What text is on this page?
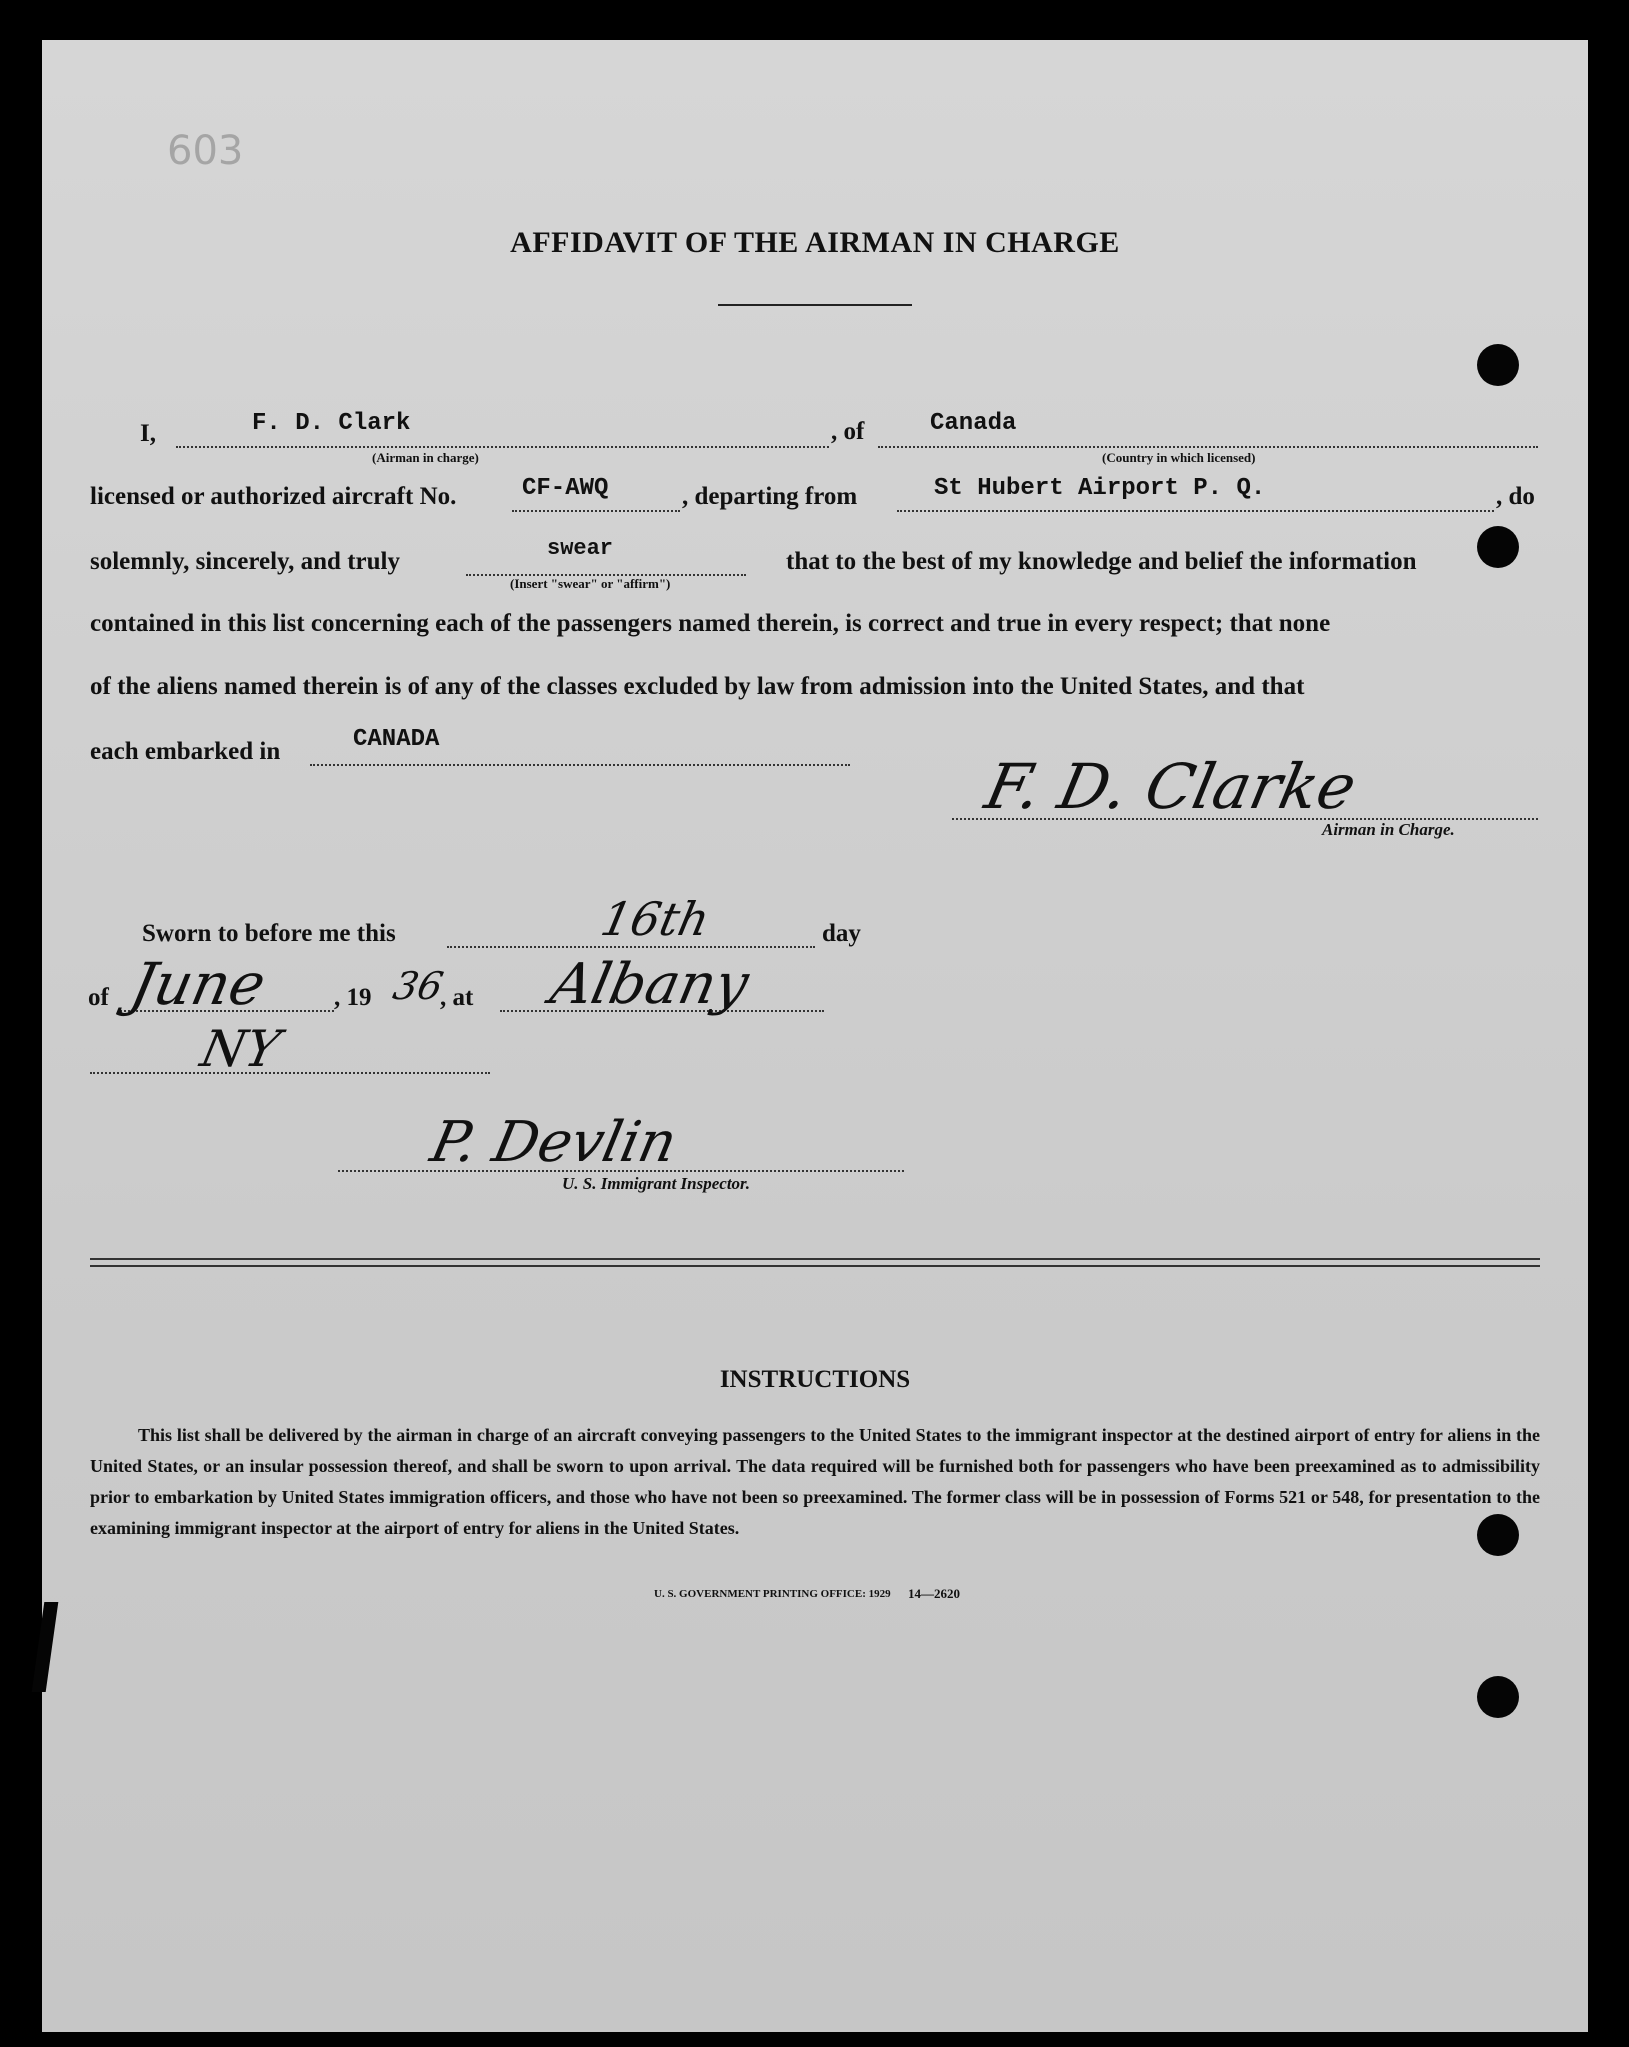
603
AFFIDAVIT OF THE AIRMAN IN CHARGE
I,	F. D. Clark
(Airman in charge)
, of	Canada
(Country in which licensed)
licensed or authorized aircraft No.	CF-AWQ	, departing from	St Hubert Airport P. Q.	, do
solemnly, sincerely, and truly	swear
(Insert "swear" or "affirm")
that to the best of my knowledge and belief the information
contained in this list concerning each of the passengers named therein, is correct and true in every respect; that none
of the aliens named therein is of any of the classes excluded by law from admission into the United States, and that
each embarked in	CANADA
F. D. Clarke
Airman in Charge.
Sworn to before me this	16th	day
of June , 19 36
, at Albany
NY
P. Devlin
U. S. Immigrant Inspector.
INSTRUCTIONS
This list shall be delivered by the airman in charge of an aircraft conveying passengers to the United States to the immigrant inspector at the destined airport of entry for aliens in the United States, or an insular possession thereof, and shall be sworn to upon arrival. The data required will be furnished both for passengers who have been preexamined as to admissibility prior to embarkation by United States immigration officers, and those who have not been so preexamined. The former class will be in possession of Forms 521 or 548, for presentation to the examining immigrant inspector at the airport of entry for aliens in the United States.
U. S. GOVERNMENT PRINTING OFFICE: 1929 14—2620
